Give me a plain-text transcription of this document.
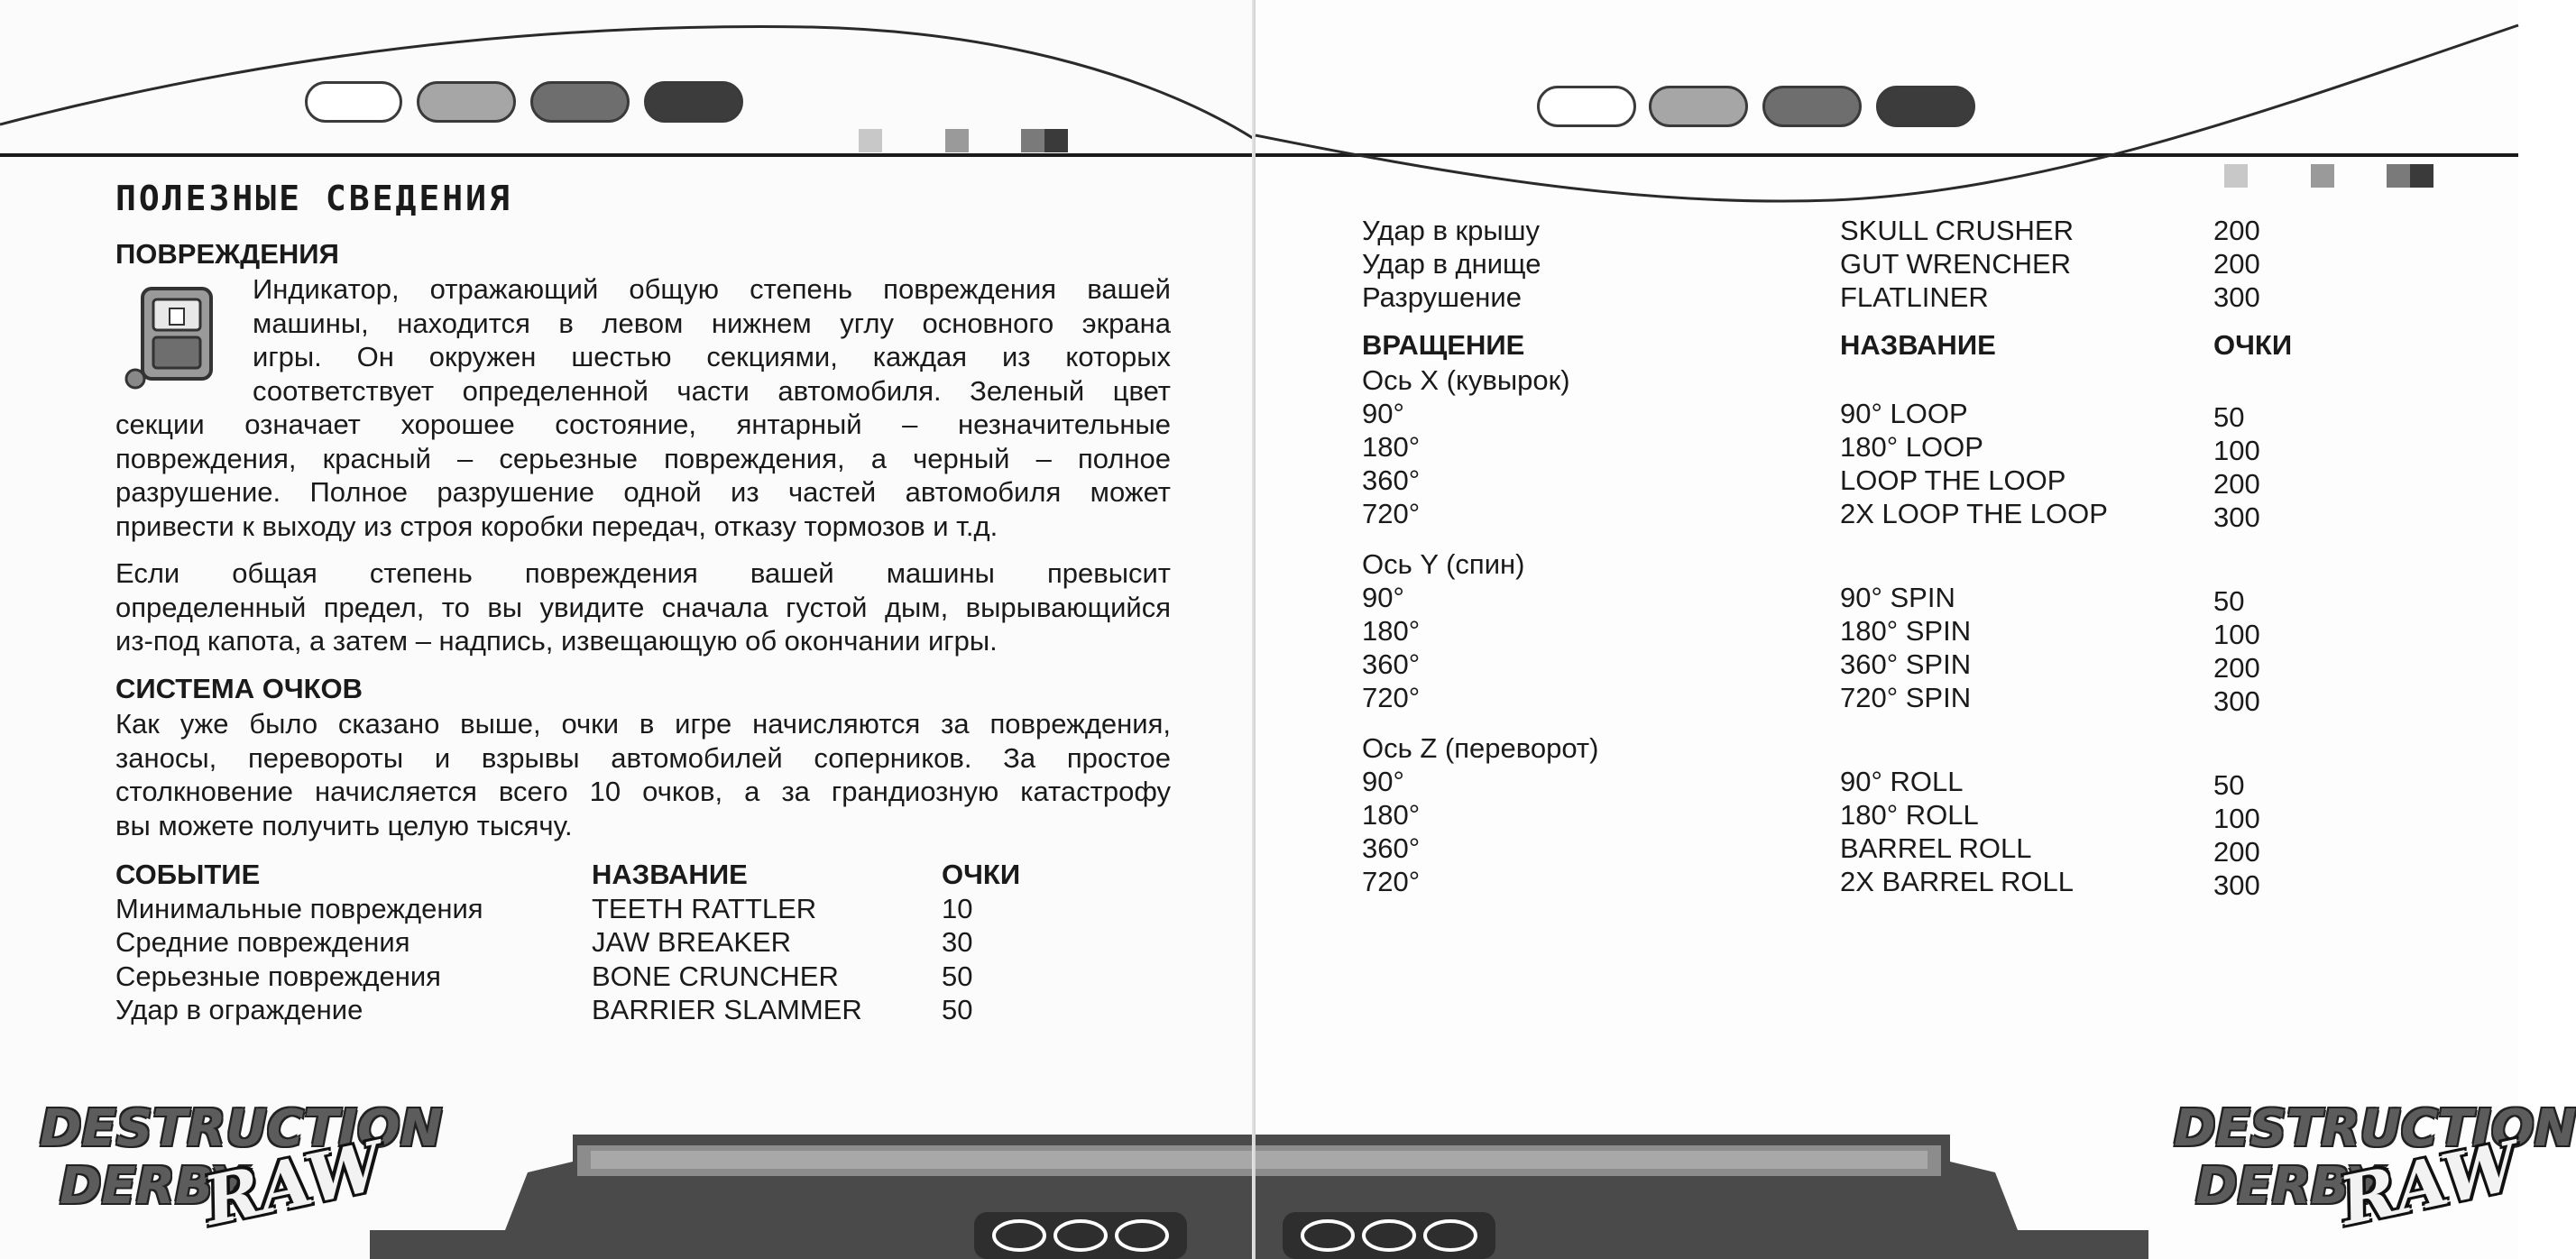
ПОЛЕЗНЫЕ СВЕДЕНИЯ
ПОВРЕЖДЕНИЯ
Индикатор, отражающий общую степень повреждения вашей
машины, находится в левом нижнем углу основного экрана
игры. Он окружен шестью секциями, каждая из которых
соответствует определенной части автомобиля. Зеленый цвет
секции означает хорошее состояние, янтарный – незначительные
повреждения, красный – серьезные повреждения, а черный – полное
разрушение. Полное разрушение одной из частей автомобиля может
привести к выходу из строя коробки передач, отказу тормозов и т.д.
Если общая степень повреждения вашей машины превысит
определенный предел, то вы увидите сначала густой дым, вырывающийся
из-под капота, а затем – надпись, извещающую об окончании игры.
СИСТЕМА ОЧКОВ
Как уже было сказано выше, очки в игре начисляются за повреждения,
заносы, перевороты и взрывы автомобилей соперников. За простое
столкновение начисляется всего 10 очков, а за грандиозную катастрофу
вы можете получить целую тысячу.
СОБЫТИЕ	НАЗВАНИЕ	ОЧКИ
Минимальные повреждения	TEETH RATTLER	10
Средние повреждения	JAW BREAKER	30
Серьезные повреждения	BONE CRUNCHER	50
Удар в ограждение	BARRIER SLAMMER	50
DESTRUCTION
DERBY
RAW
Удар в крышу	SKULL CRUSHER	200
Удар в днище	GUT WRENCHER	200
Разрушение	FLATLINER	300
ВРАЩЕНИЕ	НАЗВАНИЕ	ОЧКИ
Ось X (кувырок)
90°	90° LOOP	50
180°	180° LOOP	100
360°	LOOP THE LOOP	200
720°	2X LOOP THE LOOP	300
Ось Y (спин)
90°	90° SPIN	50
180°	180° SPIN	100
360°	360° SPIN	200
720°	720° SPIN	300
Ось Z (переворот)
90°	90° ROLL	50
180°	180° ROLL	100
360°	BARREL ROLL	200
720°	2X BARREL ROLL	300
DESTRUCTION
DERBY
RAW
